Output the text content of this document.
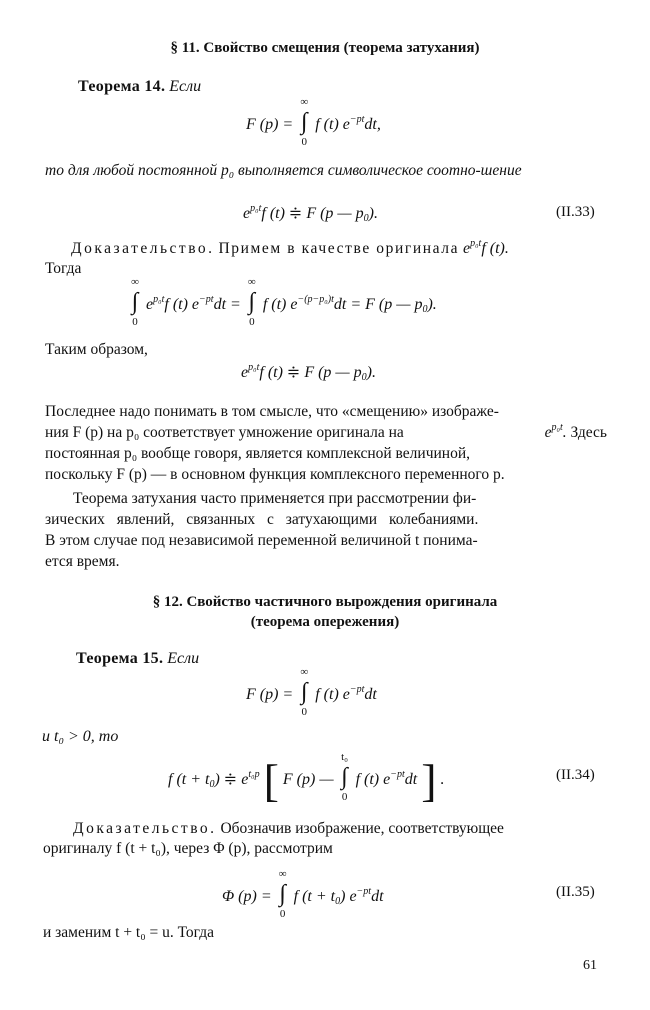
§ 11. Свойство смещения (теорема затухания)
Теорема 14. Если
F (p) =
∞
∫
0
f (t) $e^{-pt}dt$,
то для любой постоянной p₀ выполняется символическое соотно-шение
$e^{p_0t}f$ (t) ≑ F (p — $p_0$).	(II.33)
Доказательство. Примем в качестве оригинала $e^{p_0t}f$ (t).
Тогда
∞
∫
0
$e^{p_0t}f$ (t) $e^{-pt}dt$ =
∞
∫
0
f (t) $e^{-(p-p_0)t}dt = F$ (p — $p_0$).
Таким образом,
$e^{p_0t}f$ (t) ≑ F (p — $p_0$).
Последнее надо понимать в том смысле, что «смещению» изображе-
ния F (p) на p₀ соответствует умножение оригинала на	$e^{p_0t}$. Здесь
постоянная p₀ вообще говоря, является комплексной величиной,
поскольку F (p) — в основном функция комплексного переменного p.
Теорема затухания часто применяется при рассмотрении фи-
зических явлений, связанных с затухающими колебаниями.
В этом случае под независимой переменной величиной t понима-
ется время.
§ 12. Свойство частичного вырождения оригинала
(теорема опережения)
Теорема 15. Если
F (p) =
∞
∫
0
f (t) $e^{-pt}dt$
и t₀ > 0, то
f $(t + t_0)$ ≑ $e^{t_0p}$ [ F (p) —
t₀
∫
0
f (t) $e^{-pt}dt$ ] .	(II.34)
Доказательство. Обозначив изображение, соответствующее
оригиналу f (t + t₀), через Φ (p), рассмотрим
Φ (p) =
∞
∫
0
f $(t + t_0)$ $e^{-pt}dt$	(II.35)
и заменим t + t₀ = u. Тогда
61
